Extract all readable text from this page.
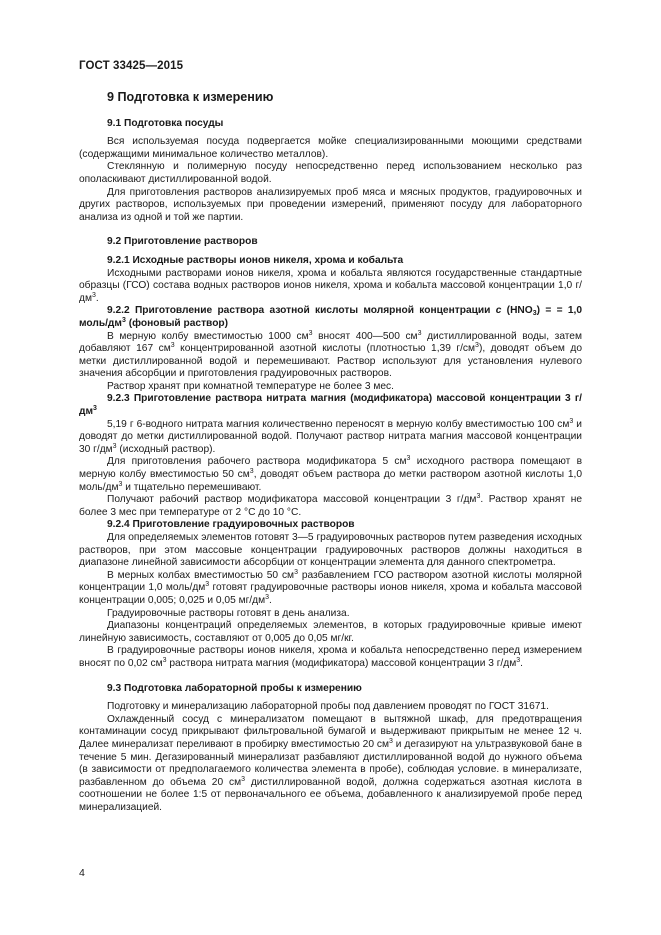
ГОСТ 33425—2015
9 Подготовка к измерению
9.1 Подготовка посуды

Вся используемая посуда подвергается мойке специализированными моющими средствами (содержащими минимальное количество металлов).

Стеклянную и полимерную посуду непосредственно перед использованием несколько раз ополаскивают дистиллированной водой.

Для приготовления растворов анализируемых проб мяса и мясных продуктов, градуировочных и других растворов, используемых при проведении измерений, применяют посуду для лабораторного анализа из одной и той же партии.

9.2 Приготовление растворов
9.2.1 Исходные растворы ионов никеля, хрома и кобальта

Исходными растворами ионов никеля, хрома и кобальта являются государственные стандартные образцы (ГСО) состава водных растворов ионов никеля, хрома и кобальта массовой концентрации 1,0 $г/дм^3$.

9.2.2 Приготовление раствора азотной кислоты молярной концентрации c $(HNO_3)$ = = 1,0 моль/$дм^3$ (фоновый раствор)

В мерную колбу вместимостью 1000 $см^3$ вносят 400—500 $см^3$ дистиллированной воды, затем добавляют 167 $см^3$ концентрированной азотной кислоты (плотностью 1,39 $г/см^3$), доводят объем до метки дистиллированной водой и перемешивают. Раствор используют для установления нулевого значения абсорбции и приготовления градуировочных растворов.

Раствор хранят при комнатной температуре не более 3 мес.

9.2.3 Приготовление раствора нитрата магния (модификатора) массовой концентрации 3 $г/дм^3$

5,19 г 6-водного нитрата магния количественно переносят в мерную колбу вместимостью 100 $см^3$ и доводят до метки дистиллированной водой. Получают раствор нитрата магния массовой концентрации 30 $г/дм^3$ (исходный раствор).

Для приготовления рабочего раствора модификатора 5 $см^3$ исходного раствора помещают в мерную колбу вместимостью 50 $см^3$, доводят объем раствора до метки раствором азотной кислоты 1,0 моль/$дм^3$ и тщательно перемешивают.

Получают рабочий раствор модификатора массовой концентрации 3 $г/дм^3$. Раствор хранят не более 3 мес при температуре от 2 °С до 10 °С.

9.2.4 Приготовление градуировочных растворов

Для определяемых элементов готовят 3—5 градуировочных растворов путем разведения исходных растворов, при этом массовые концентрации градуировочных растворов должны находиться в диапазоне линейной зависимости абсорбции от концентрации элемента для данного спектрометра.

В мерных колбах вместимостью 50 $см^3$ разбавлением ГСО раствором азотной кислоты молярной концентрации 1,0 моль/$дм^3$ готовят градуировочные растворы ионов никеля, хрома и кобальта массовой концентрации 0,005; 0,025 и 0,05 $мг/дм^3$.

Градуировочные растворы готовят в день анализа.

Диапазоны концентраций определяемых элементов, в которых градуировочные кривые имеют линейную зависимость, составляют от 0,005 до 0,05 мг/кг.

В градуировочные растворы ионов никеля, хрома и кобальта непосредственно перед измерением вносят по 0,02 $см^3$ раствора нитрата магния (модификатора) массовой концентрации 3 $г/дм^3$.

9.3 Подготовка лабораторной пробы к измерению

Подготовку и минерализацию лабораторной пробы под давлением проводят по ГОСТ 31671.

Охлажденный сосуд с минерализатом помещают в вытяжной шкаф, для предотвращения контаминации сосуд прикрывают фильтровальной бумагой и выдерживают прикрытым не менее 12 ч. Далее минерализат переливают в пробирку вместимостью 20 $см^3$ и дегазируют на ультразвуковой бане в течение 5 мин. Дегазированный минерализат разбавляют дистиллированной водой до нужного объема (в зависимости от предполагаемого количества элемента в пробе), соблюдая условие. в минерализате, разбавленном до объема 20 $см^3$ дистиллированной водой, должна содержаться азотная кислота в соотношении не более 1:5 от первоначального ее объема, добавленного к анализируемой пробе перед минерализацией.

4
